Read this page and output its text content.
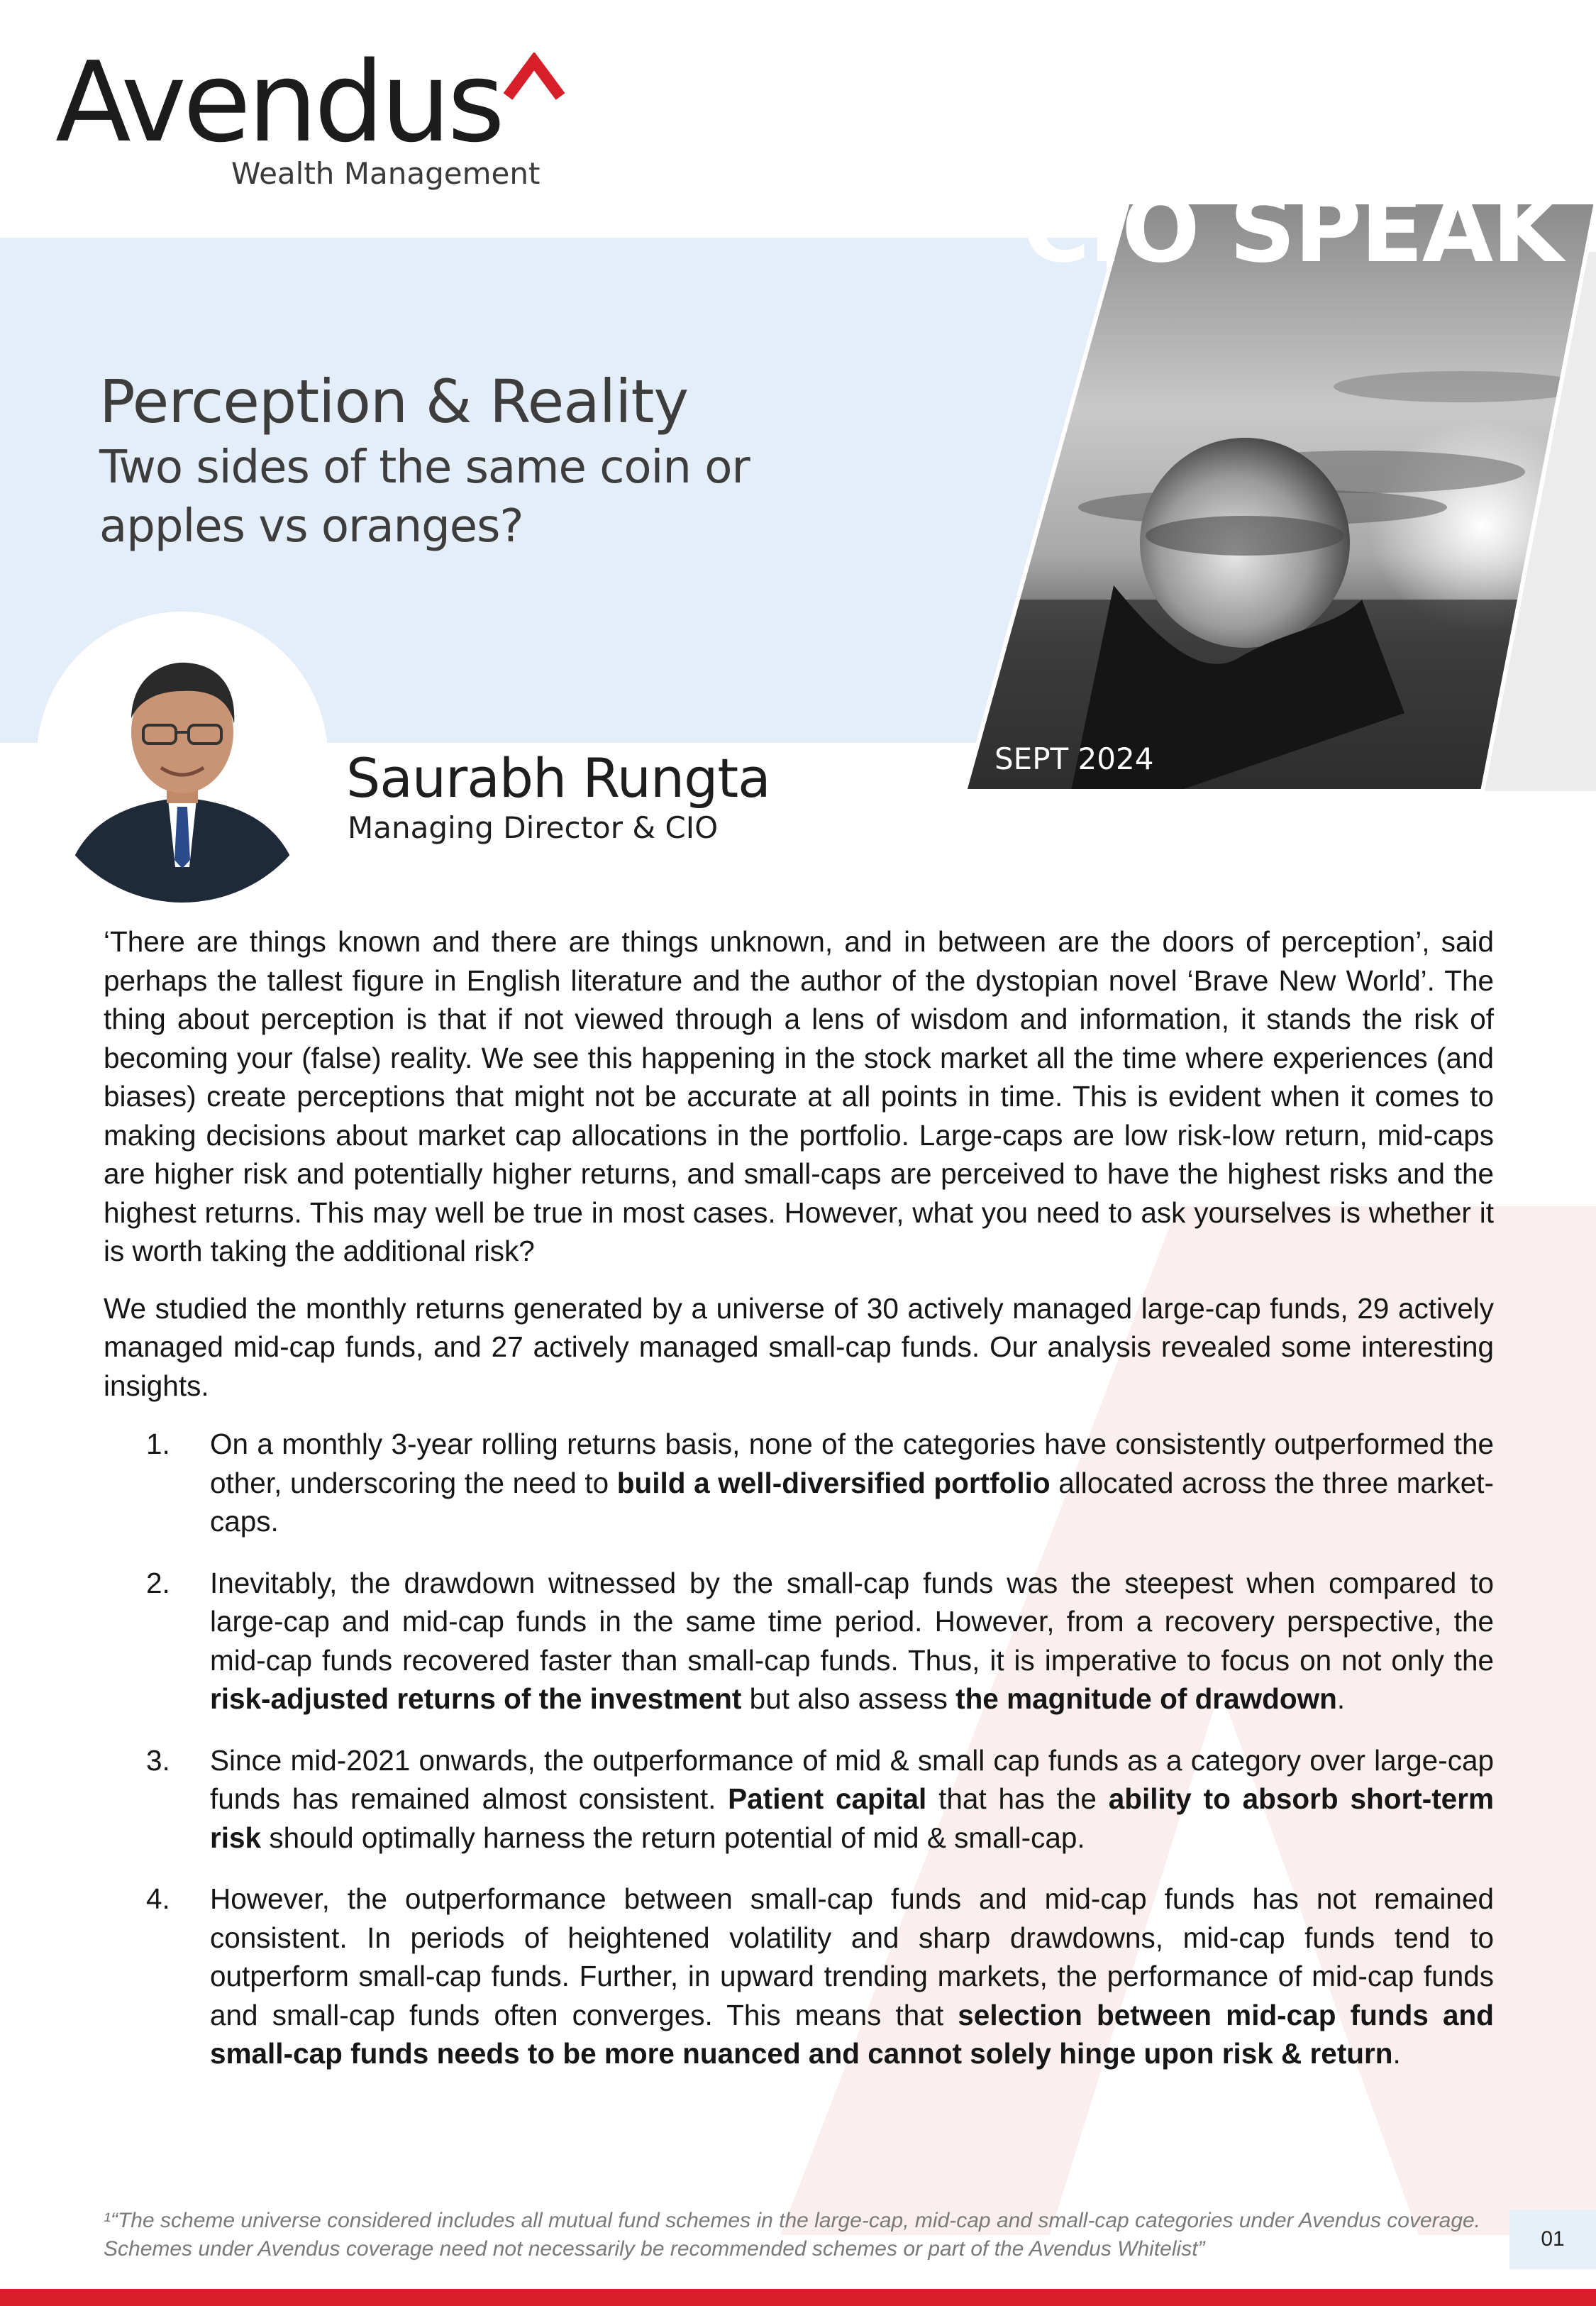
Avendus
Wealth Management
CIO SPEAK
SEPT 2024
Perception & Reality
Two sides of the same coin or apples vs oranges?
Saurabh Rungta
Managing Director & CIO

‘There are things known and there are things unknown, and in between are the doors of perception’, said perhaps the tallest figure in English literature and the author of the dystopian novel ‘Brave New World’. The thing about perception is that if not viewed through a lens of wisdom and information, it stands the risk of becoming your (false) reality. We see this happening in the stock market all the time where experiences (and biases) create perceptions that might not be accurate at all points in time. This is evident when it comes to making decisions about market cap allocations in the portfolio. Large-caps are low risk-low return, mid-caps are higher risk and potentially higher returns, and small-caps are perceived to have the highest risks and the highest returns. This may well be true in most cases. However, what you need to ask yourselves is whether it is worth taking the additional risk?

We studied the monthly returns generated by a universe of 30 actively managed large-cap funds, 29 actively managed mid-cap funds, and 27 actively managed small-cap funds. Our analysis revealed some interesting insights.

1. On a monthly 3-year rolling returns basis, none of the categories have consistently outperformed the other, underscoring the need to build a well-diversified portfolio allocated across the three market-caps.
2. Inevitably, the drawdown witnessed by the small-cap funds was the steepest when compared to large-cap and mid-cap funds in the same time period. However, from a recovery perspective, the mid-cap funds recovered faster than small-cap funds. Thus, it is imperative to focus on not only the risk-adjusted returns of the investment but also assess the magnitude of drawdown.
3. Since mid-2021 onwards, the outperformance of mid & small cap funds as a category over large-cap funds has remained almost consistent. Patient capital that has the ability to absorb short-term risk should optimally harness the return potential of mid & small-cap.
4. However, the outperformance between small-cap funds and mid-cap funds has not remained consistent. In periods of heightened volatility and sharp drawdowns, mid-cap funds tend to outperform small-cap funds. Further, in upward trending markets, the performance of mid-cap funds and small-cap funds often converges. This means that selection between mid-cap funds and small-cap funds needs to be more nuanced and cannot solely hinge upon risk & return.
¹“The scheme universe considered includes all mutual fund schemes in the large-cap, mid-cap and small-cap categories under Avendus coverage. Schemes under Avendus coverage need not necessarily be recommended schemes or part of the Avendus Whitelist”	01
